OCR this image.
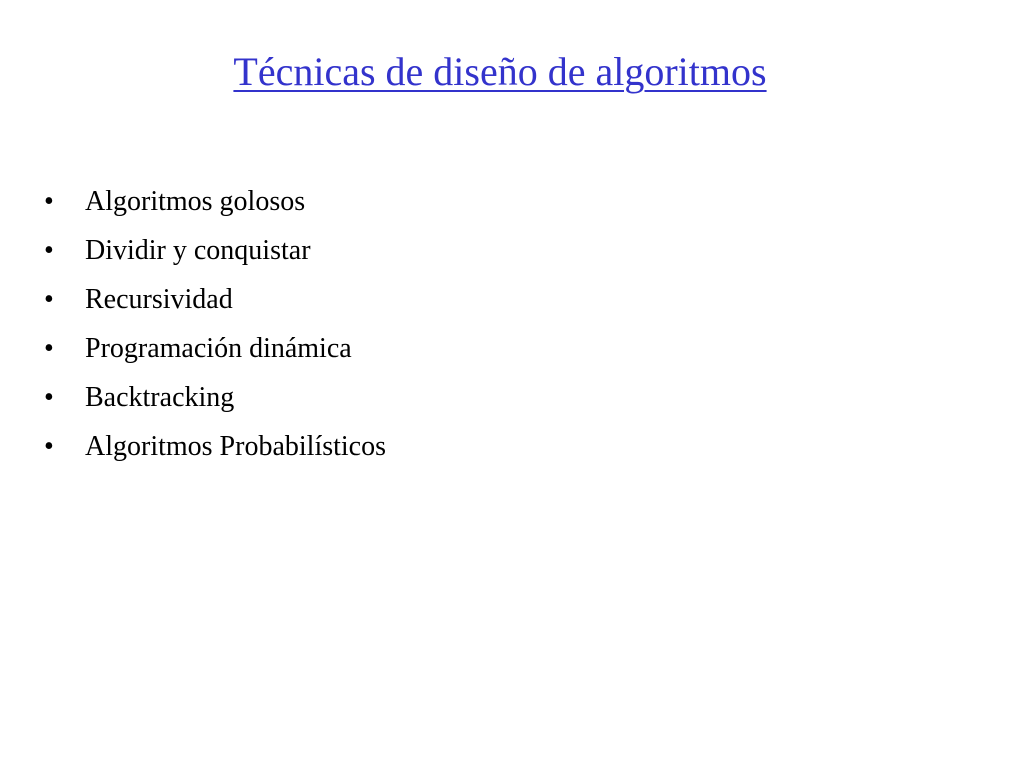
Técnicas de diseño de algoritmos
•	Algoritmos golosos
•	Dividir y conquistar
•	Recursividad
•	Programación dinámica
•	Backtracking
•	Algoritmos Probabilísticos
